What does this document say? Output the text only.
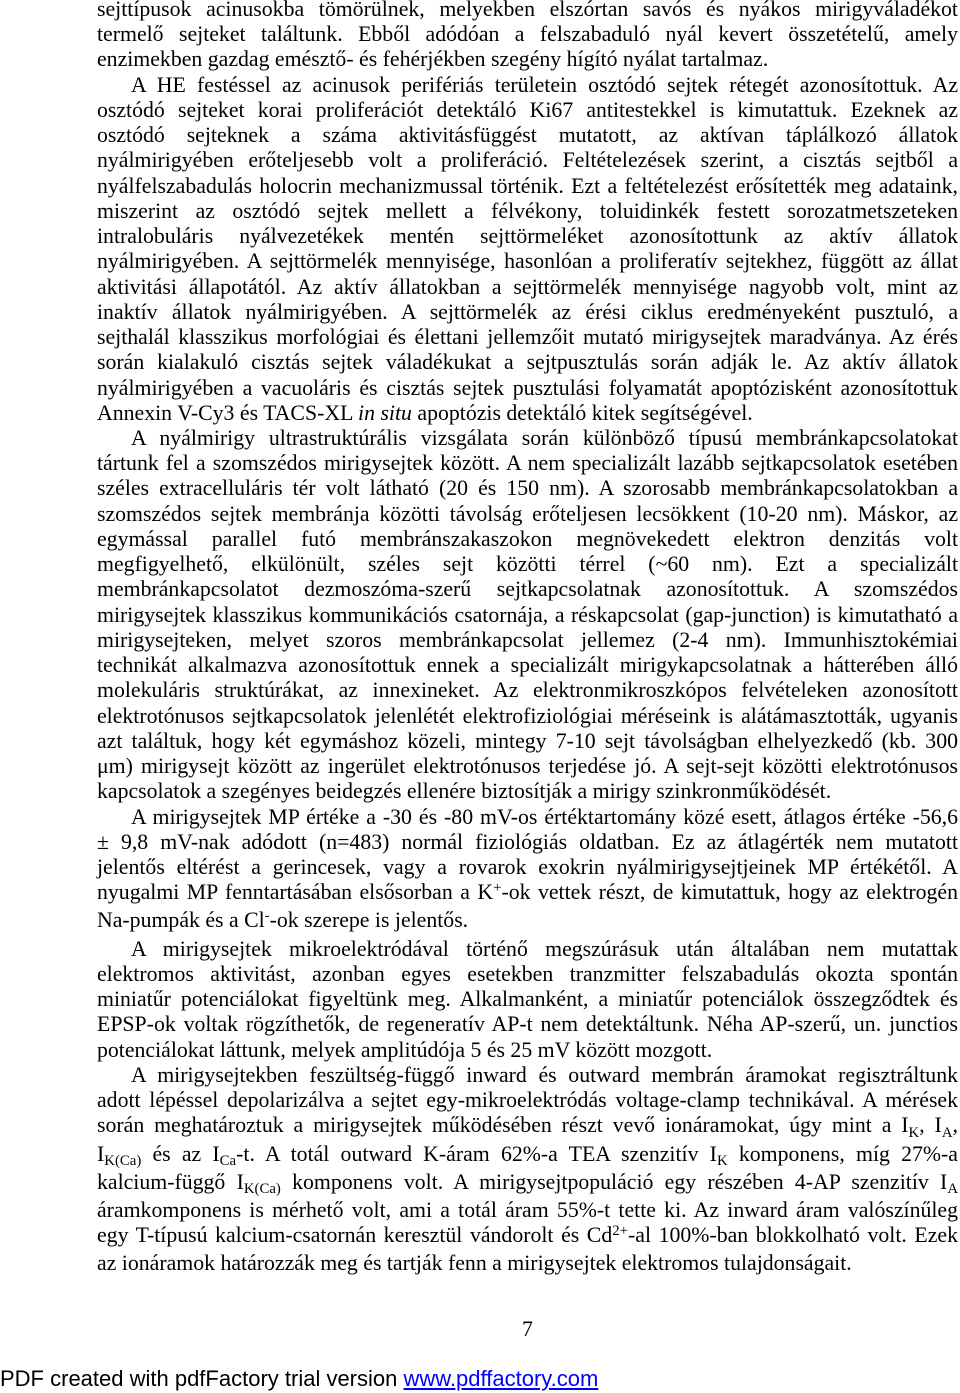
sejttípusok acinusokba tömörülnek, melyekben elszórtan savós és nyákos mirigyváladékot
termelő sejteket találtunk. Ebből adódóan a felszabaduló nyál kevert összetételű, amely
enzimekben gazdag emésztő- és fehérjékben szegény hígító nyálat tartalmaz.
A HE festéssel az acinusok perifériás területein osztódó sejtek rétegét azonosítottuk. Az
osztódó sejteket korai proliferációt detektáló Ki67 antitestekkel is kimutattuk. Ezeknek az
osztódó sejteknek a száma aktivitásfüggést mutatott, az aktívan táplálkozó állatok
nyálmirigyében erőteljesebb volt a proliferáció. Feltételezések szerint, a cisztás sejtből a
nyálfelszabadulás holocrin mechanizmussal történik. Ezt a feltételezést erősítették meg adataink,
miszerint az osztódó sejtek mellett a félvékony, toluidinkék festett sorozatmetszeteken
intralobuláris nyálvezetékek mentén sejttörmeléket azonosítottunk az aktív állatok
nyálmirigyében. A sejttörmelék mennyisége, hasonlóan a proliferatív sejtekhez, függött az állat
aktivitási állapotától. Az aktív állatokban a sejttörmelék mennyisége nagyobb volt, mint az
inaktív állatok nyálmirigyében. A sejttörmelék az érési ciklus eredményeként pusztuló, a
sejthalál klasszikus morfológiai és élettani jellemzőit mutató mirigysejtek maradványa. Az érés
során kialakuló cisztás sejtek váladékukat a sejtpusztulás során adják le. Az aktív állatok
nyálmirigyében a vacuoláris és cisztás sejtek pusztulási folyamatát apoptózisként azonosítottuk
Annexin V-Cy3 és TACS-XL in situ apoptózis detektáló kitek segítségével.
A nyálmirigy ultrastruktúrális vizsgálata során különböző típusú membránkapcsolatokat
tártunk fel a szomszédos mirigysejtek között. A nem specializált lazább sejtkapcsolatok esetében
széles extracelluláris tér volt látható (20 és 150 nm). A szorosabb membránkapcsolatokban a
szomszédos sejtek membránja közötti távolság erőteljesen lecsökkent (10-20 nm). Máskor, az
egymással parallel futó membránszakaszokon megnövekedett elektron denzitás volt
megfigyelhető, elkülönült, széles sejt közötti térrel (~60 nm). Ezt a specializált
membránkapcsolatot dezmoszóma-szerű sejtkapcsolatnak azonosítottuk. A szomszédos
mirigysejtek klasszikus kommunikációs csatornája, a réskapcsolat (gap-junction) is kimutatható a
mirigysejteken, melyet szoros membránkapcsolat jellemez (2-4 nm). Immunhisztokémiai
technikát alkalmazva azonosítottuk ennek a specializált mirigykapcsolatnak a hátterében álló
molekuláris struktúrákat, az innexineket. Az elektronmikroszkópos felvételeken azonosított
elektrotónusos sejtkapcsolatok jelenlétét elektrofiziológiai méréseink is alátámasztották, ugyanis
azt találtuk, hogy két egymáshoz közeli, mintegy 7-10 sejt távolságban elhelyezkedő (kb. 300
μm) mirigysejt között az ingerület elektrotónusos terjedése jó. A sejt-sejt közötti elektrotónusos
kapcsolatok a szegényes beidegzés ellenére biztosítják a mirigy szinkronműködését.
A mirigysejtek MP értéke a -30 és -80 mV-os értéktartomány közé esett, átlagos értéke -56,6
± 9,8 mV-nak adódott (n=483) normál fiziológiás oldatban. Ez az átlagérték nem mutatott
jelentős eltérést a gerincesek, vagy a rovarok exokrin nyálmirigysejtjeinek MP értékétől. A
nyugalmi MP fenntartásában elsősorban a K+-ok vettek részt, de kimutattuk, hogy az elektrogén
Na-pumpák és a Cl--ok szerepe is jelentős.
A mirigysejtek mikroelektródával történő megszúrásuk után általában nem mutattak
elektromos aktivitást, azonban egyes esetekben tranzmitter felszabadulás okozta spontán
miniatűr potenciálokat figyeltünk meg. Alkalmanként, a miniatűr potenciálok összegződtek és
EPSP-ok voltak rögzíthetők, de regeneratív AP-t nem detektáltunk. Néha AP-szerű, un. junctios
potenciálokat láttunk, melyek amplitúdója 5 és 25 mV között mozgott.
A mirigysejtekben feszültség-függő inward és outward membrán áramokat regisztráltunk
adott lépéssel depolarizálva a sejtet egy-mikroelektródás voltage-clamp technikával. A mérések
során meghatároztuk a mirigysejtek működésében részt vevő ionáramokat, úgy mint a $I_K$, $I_A$,
$I_{K(Ca)}$ és az $I_{Ca}-t$. A totál outward K-áram 62%-a TEA szenzitív $I_K$ komponens, míg 27%-a
kalcium-függő $I_{K(Ca)}$ komponens volt. A mirigysejtpopuláció egy részében 4-AP szenzitív $I_A$
áramkomponens is mérhető volt, ami a totál áram 55%-t tette ki. Az inward áram valószínűleg
egy T-típusú kalcium-csatornán keresztül vándorolt és $Cd^{2+}-al$ 100%-ban blokkolható volt. Ezek
az ionáramok határozzák meg és tartják fenn a mirigysejtek elektromos tulajdonságait.
7
PDF created with pdfFactory trial version www.pdffactory.com
